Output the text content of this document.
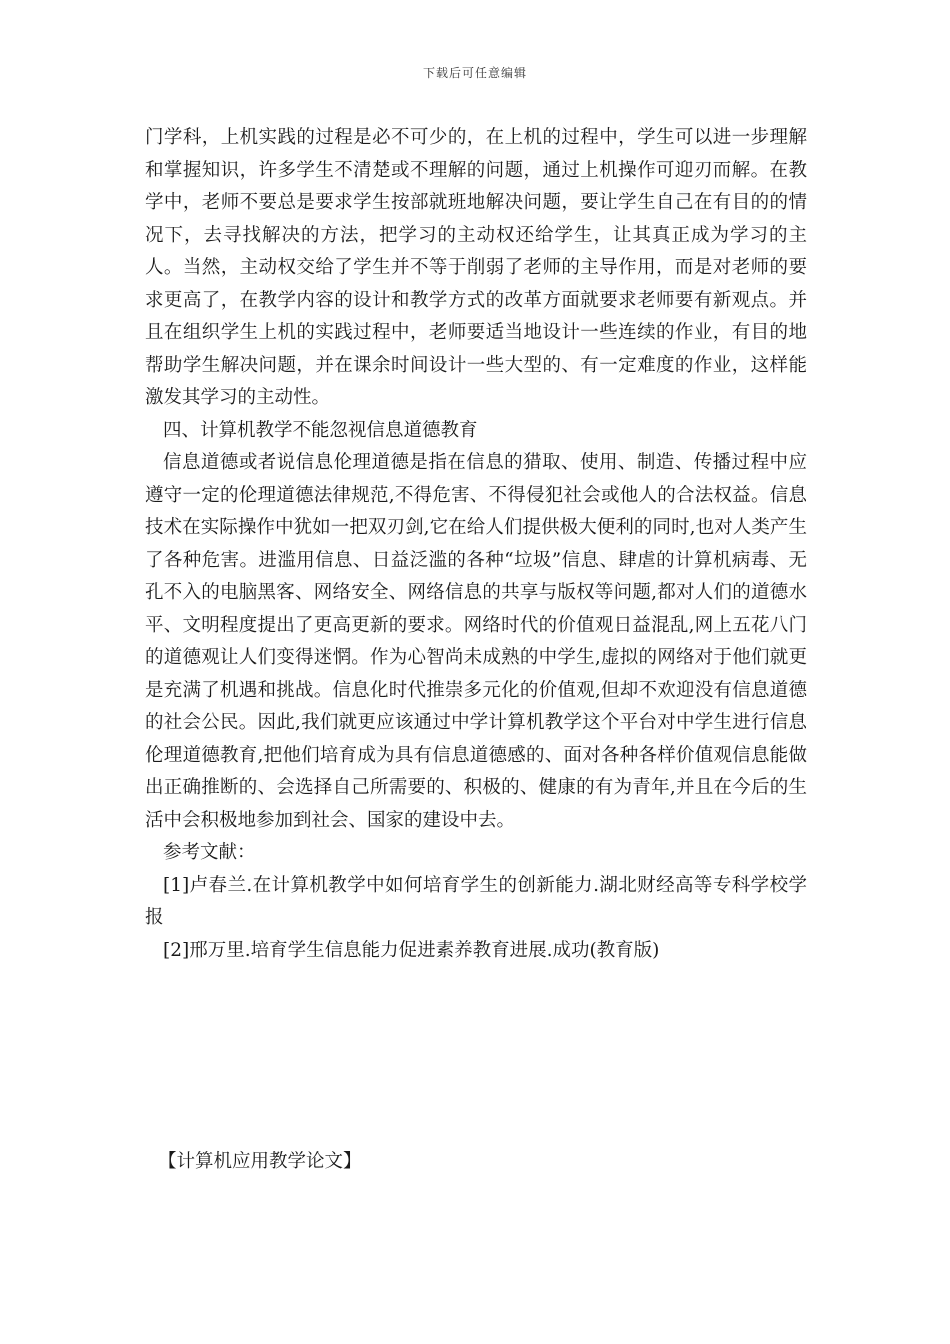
下载后可任意编辑

门学科，上机实践的过程是必不可少的，在上机的过程中，学生可以进一步理解和掌握知识，许多学生不清楚或不理解的问题，通过上机操作可迎刃而解。在教学中，老师不要总是要求学生按部就班地解决问题，要让学生自己在有目的的情况下，去寻找解决的方法，把学习的主动权还给学生，让其真正成为学习的主人。当然，主动权交给了学生并不等于削弱了老师的主导作用，而是对老师的要求更高了，在教学内容的设计和教学方式的改革方面就要求老师要有新观点。并且在组织学生上机的实践过程中，老师要适当地设计一些连续的作业，有目的地帮助学生解决问题，并在课余时间设计一些大型的、有一定难度的作业，这样能激发其学习的主动性。

四、计算机教学不能忽视信息道德教育

信息道德或者说信息伦理道德是指在信息的猎取、使用、制造、传播过程中应遵守一定的伦理道德法律规范,不得危害、不得侵犯社会或他人的合法权益。信息技术在实际操作中犹如一把双刃剑,它在给人们提供极大便利的同时,也对人类产生了各种危害。进滥用信息、日益泛滥的各种“垃圾”信息、肆虐的计算机病毒、无孔不入的电脑黑客、网络安全、网络信息的共享与版权等问题,都对人们的道德水平、文明程度提出了更高更新的要求。网络时代的价值观日益混乱,网上五花八门的道德观让人们变得迷惘。作为心智尚未成熟的中学生,虚拟的网络对于他们就更是充满了机遇和挑战。信息化时代推崇多元化的价值观,但却不欢迎没有信息道德的社会公民。因此,我们就更应该通过中学计算机教学这个平台对中学生进行信息伦理道德教育,把他们培育成为具有信息道德感的、面对各种各样价值观信息能做出正确推断的、会选择自己所需要的、积极的、健康的有为青年,并且在今后的生活中会积极地参加到社会、国家的建设中去。

参考文献：

[1]卢春兰.在计算机教学中如何培育学生的创新能力.湖北财经高等专科学校学报

[2]邢万里.培育学生信息能力促进素养教育进展.成功(教育版)

【计算机应用教学论文】
